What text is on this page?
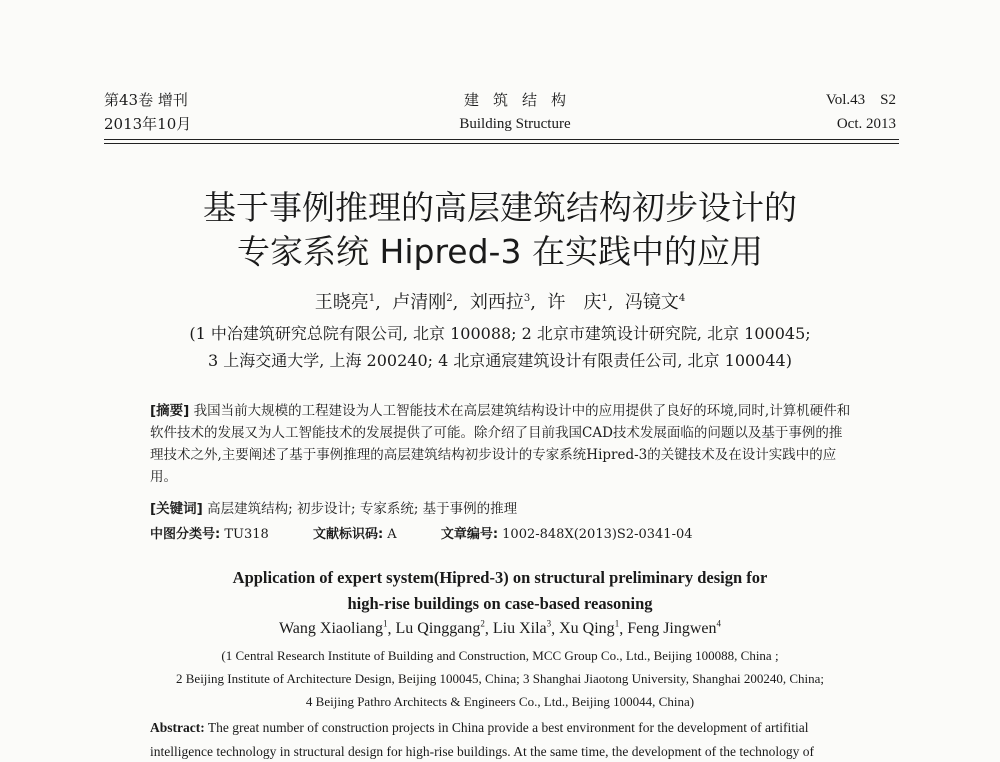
第43卷 增刊
2013年10月
建筑结构
Building Structure
Vol.43    S2
Oct. 2013
基于事例推理的高层建筑结构初步设计的
专家系统 Hipred-3 在实践中的应用
王晓亮$^1$,  卢清刚$^2$,  刘西拉$^3$,  许　庆$^1$,  冯镜文$^4$
(1 中冶建筑研究总院有限公司, 北京 100088; 2 北京市建筑设计研究院, 北京 100045;
3 上海交通大学, 上海 200240; 4 北京通宸建筑设计有限责任公司, 北京 100044)
[摘要] 我国当前大规模的工程建设为人工智能技术在高层建筑结构设计中的应用提供了良好的环境,同时,计算机硬件和软件技术的发展又为人工智能技术的发展提供了可能。除介绍了目前我国CAD技术发展面临的问题以及基于事例的推理技术之外,主要阐述了基于事例推理的高层建筑结构初步设计的专家系统Hipred-3的关键技术及在设计实践中的应用。
[关键词] 高层建筑结构; 初步设计; 专家系统; 基于事例的推理
中图分类号: TU318	文献标识码: A	文章编号: 1002-848X(2013)S2-0341-04
Application of expert system(Hipred-3) on structural preliminary design for
high-rise buildings on case-based reasoning
Wang Xiaoliang$^1$, Lu Qinggang$^2$, Liu Xila$^3$, Xu Qing$^1$, Feng Jingwen$^4$
(1 Central Research Institute of Building and Construction, MCC Group Co., Ltd., Beijing 100088, China ;
2 Beijing Institute of Architecture Design, Beijing 100045, China; 3 Shanghai Jiaotong University, Shanghai 200240, China;
4 Beijing Pathro Architects & Engineers Co., Ltd., Beijing 100044, China)
Abstract: The great number of construction projects in China provide a best environment for the development of artifitial intelligence technology in structural design for high-rise buildings. At the same time, the development of the technology of
